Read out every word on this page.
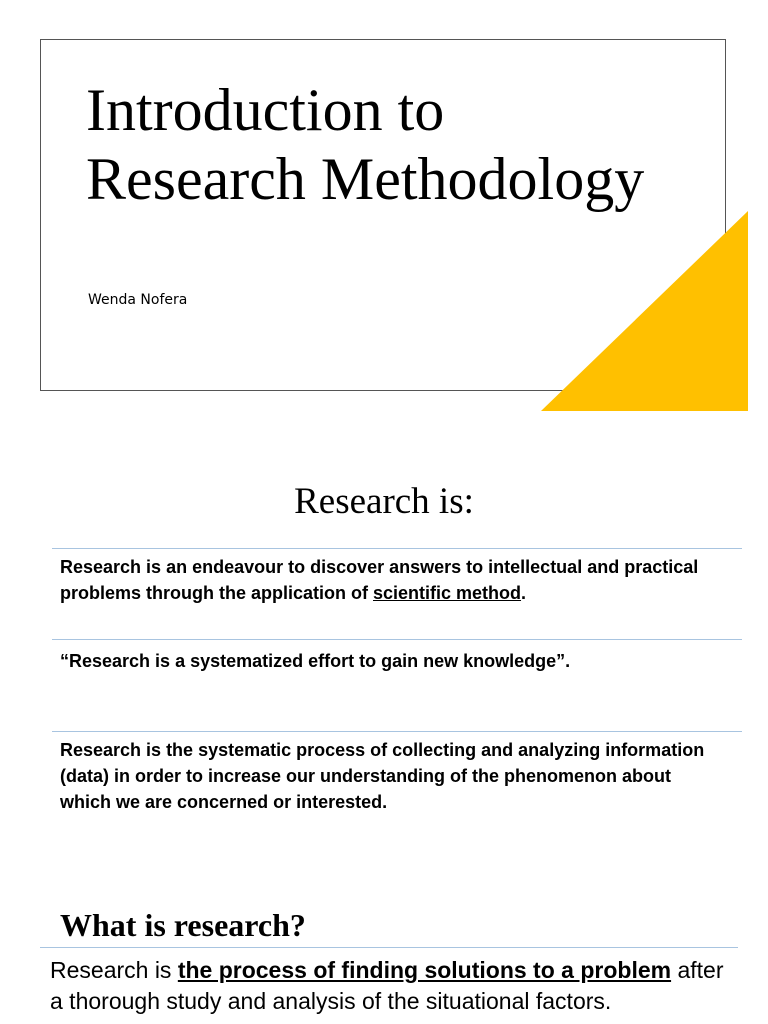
Introduction to Research Methodology
Wenda Nofera
Research is:

Research is an endeavour to discover answers to intellectual and practical problems through the application of scientific method.

“Research is a systematized effort to gain new knowledge”.

Research is the systematic process of collecting and analyzing information (data) in order to increase our understanding of the phenomenon about which we are concerned or interested.

What is research?

Research is the process of finding solutions to a problem after a thorough study and analysis of the situational factors.
